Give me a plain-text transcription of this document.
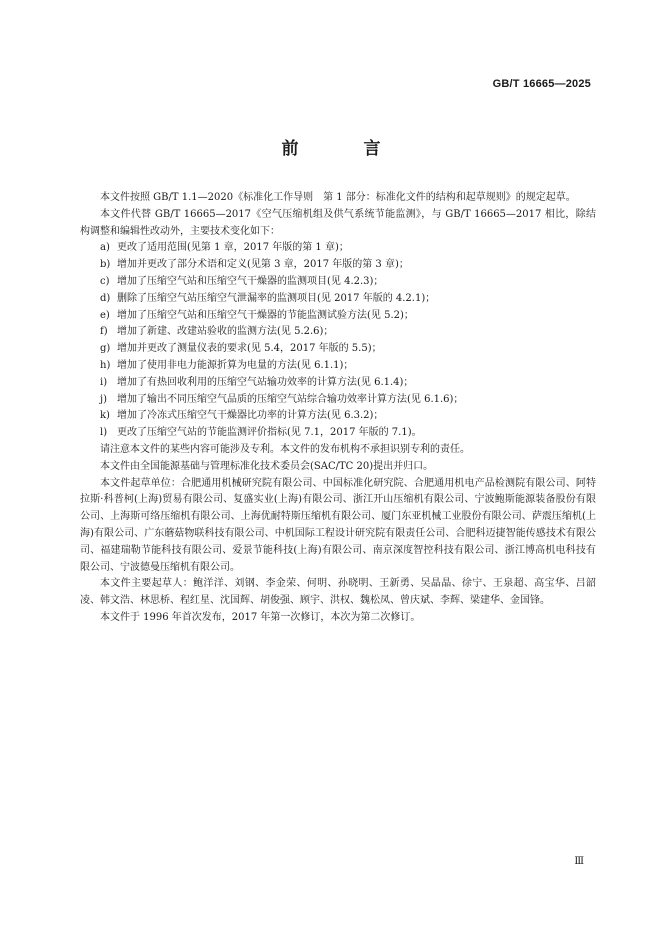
GB/T 16665—2025
前　言

本文件按照 GB/T 1.1—2020《标准化工作导则　第 1 部分：标准化文件的结构和起草规则》的规定起草。

本文件代替 GB/T 16665—2017《空气压缩机组及供气系统节能监测》，与 GB/T 16665—2017 相比，除结构调整和编辑性改动外，主要技术变化如下：

a) 更改了适用范围(见第 1 章，2017 年版的第 1 章)；

b) 增加并更改了部分术语和定义(见第 3 章，2017 年版的第 3 章)；

c) 增加了压缩空气站和压缩空气干燥器的监测项目(见 4.2.3)；

d) 删除了压缩空气站压缩空气泄漏率的监测项目(见 2017 年版的 4.2.1)；

e) 增加了压缩空气站和压缩空气干燥器的节能监测试验方法(见 5.2)；

f) 增加了新建、改建站验收的监测方法(见 5.2.6)；

g) 增加并更改了测量仪表的要求(见 5.4，2017 年版的 5.5)；

h) 增加了使用非电力能源折算为电量的方法(见 6.1.1)；

i) 增加了有热回收利用的压缩空气站输功效率的计算方法(见 6.1.4)；

j) 增加了输出不同压缩空气品质的压缩空气站综合输功效率计算方法(见 6.1.6)；

k) 增加了冷冻式压缩空气干燥器比功率的计算方法(见 6.3.2)；

l) 更改了压缩空气站的节能监测评价指标(见 7.1，2017 年版的 7.1)。

请注意本文件的某些内容可能涉及专利。本文件的发布机构不承担识别专利的责任。

本文件由全国能源基础与管理标准化技术委员会(SAC/TC 20)提出并归口。

本文件起草单位：合肥通用机械研究院有限公司、中国标准化研究院、合肥通用机电产品检测院有限公司、阿特拉斯·科普柯(上海)贸易有限公司、复盛实业(上海)有限公司、浙江开山压缩机有限公司、宁波鲍斯能源装备股份有限公司、上海斯可络压缩机有限公司、上海优耐特斯压缩机有限公司、厦门东亚机械工业股份有限公司、萨震压缩机(上海)有限公司、广东蘑菇物联科技有限公司、中机国际工程设计研究院有限责任公司、合肥科迈捷智能传感技术有限公司、福建瑞勒节能科技有限公司、爱景节能科技(上海)有限公司、南京深度智控科技有限公司、浙江博高机电科技有限公司、宁波德曼压缩机有限公司。

本文件主要起草人：鲍洋洋、刘钢、李金荣、何明、孙晓明、王新勇、吴晶晶、徐宁、王泉超、高宝华、吕韶凌、韩文浩、林思桥、程红星、沈国辉、胡俊强、顾宇、洪权、魏松凤、曾庆斌、李辉、梁建华、金国锋。

本文件于 1996 年首次发布，2017 年第一次修订，本次为第二次修订。

Ⅲ
